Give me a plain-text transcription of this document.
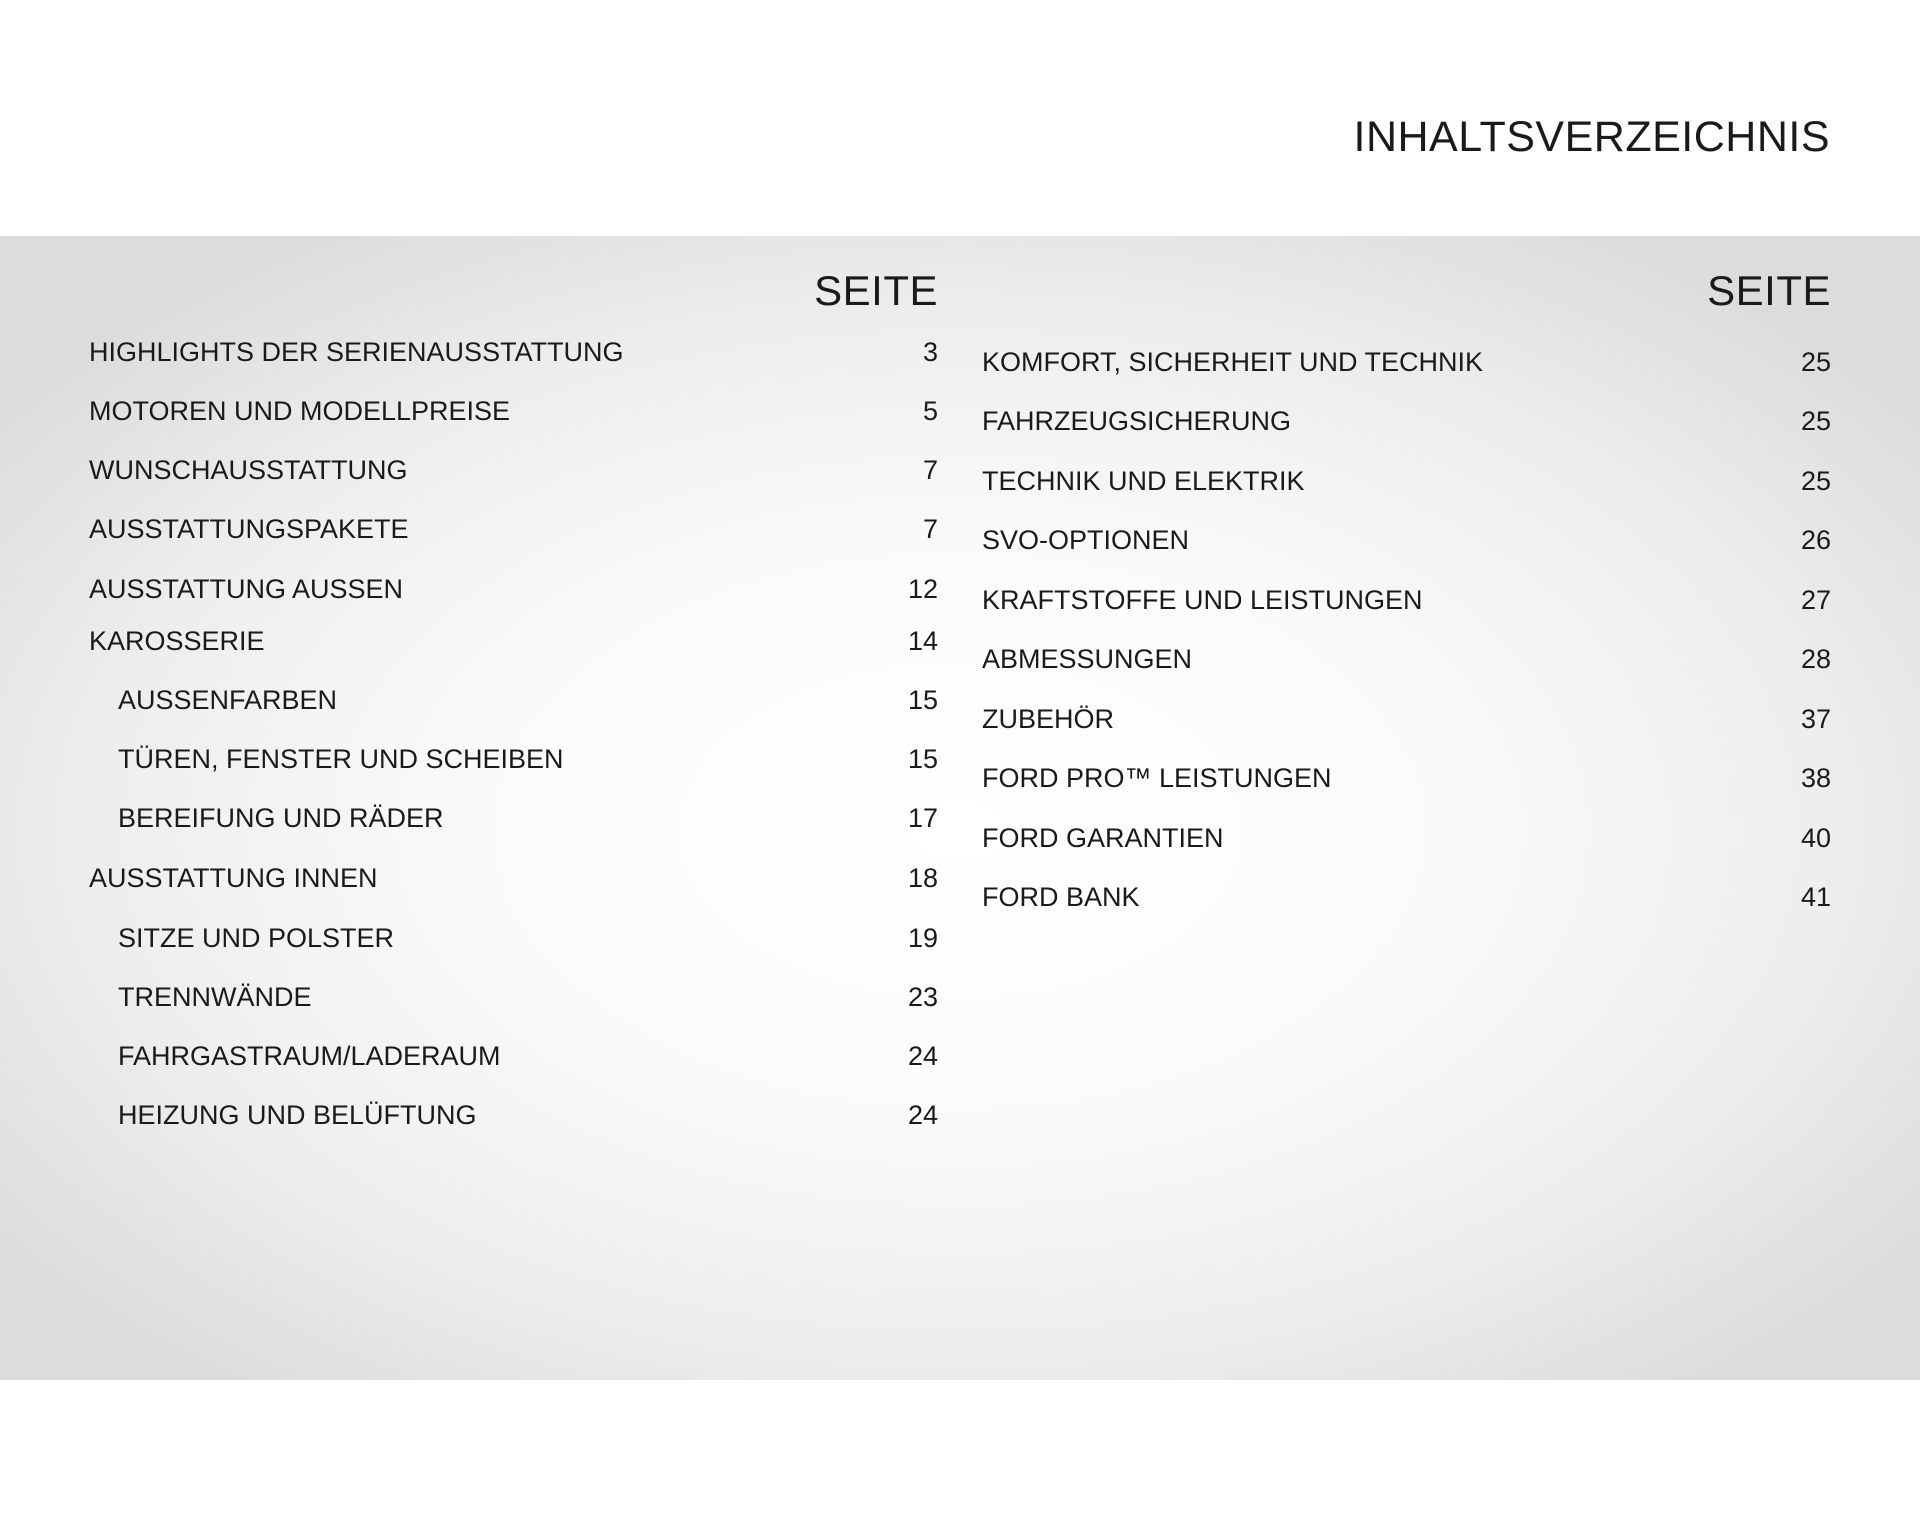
INHALTSVERZEICHNIS
SEITE
HIGHLIGHTS DER SERIENAUSSTATTUNG	3
MOTOREN UND MODELLPREISE	5
WUNSCHAUSSTATTUNG	7
AUSSTATTUNGSPAKETE	7
AUSSTATTUNG AUSSEN	12
KAROSSERIE	14
AUSSENFARBEN	15
TÜREN, FENSTER UND SCHEIBEN	15
BEREIFUNG UND RÄDER	17
AUSSTATTUNG INNEN	18
SITZE UND POLSTER	19
TRENNWÄNDE	23
FAHRGASTRAUM/LADERAUM	24
HEIZUNG UND BELÜFTUNG	24
SEITE
KOMFORT, SICHERHEIT UND TECHNIK	25
FAHRZEUGSICHERUNG	25
TECHNIK UND ELEKTRIK	25
SVO-OPTIONEN	26
KRAFTSTOFFE UND LEISTUNGEN	27
ABMESSUNGEN	28
ZUBEHÖR	37
FORD PRO™ LEISTUNGEN	38
FORD GARANTIEN	40
FORD BANK	41
